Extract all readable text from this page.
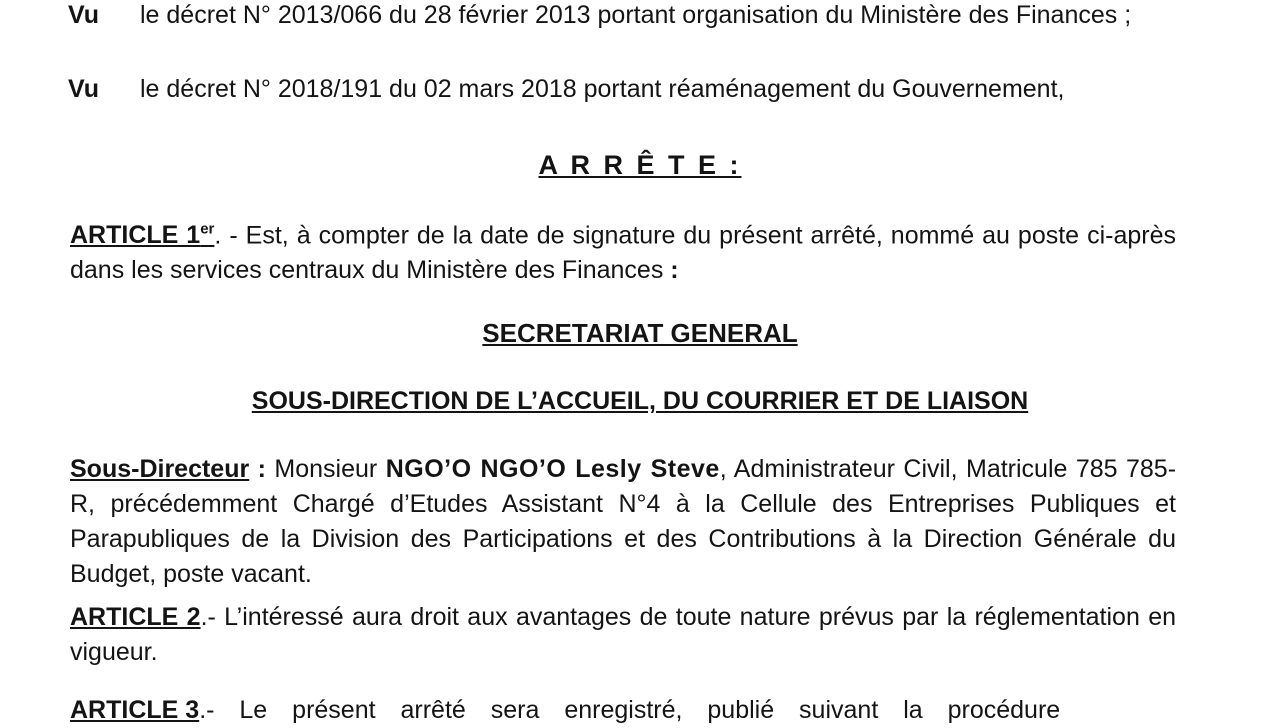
Vu	le décret N° 2013/066 du 28 février 2013 portant organisation du Ministère des Finances ;
Vu	le décret N° 2018/191 du 02 mars 2018 portant réaménagement du Gouvernement,
A R R Ê T E :
ARTICLE 1er. - Est, à compter de la date de signature du présent arrêté, nommé au poste ci-après dans les services centraux du Ministère des Finances :
SECRETARIAT GENERAL
SOUS-DIRECTION DE L’ACCUEIL, DU COURRIER ET DE LIAISON
Sous-Directeur : Monsieur NGO’O NGO’O Lesly Steve, Administrateur Civil, Matricule 785 785-R, précédemment Chargé d’Etudes Assistant N°4 à la Cellule des Entreprises Publiques et Parapubliques de la Division des Participations et des Contributions à la Direction Générale du Budget, poste vacant.
ARTICLE 2.- L’intéressé aura droit aux avantages de toute nature prévus par la réglementation en vigueur.
ARTICLE 3.- Le présent arrêté sera enregistré, publié suivant la procédure
